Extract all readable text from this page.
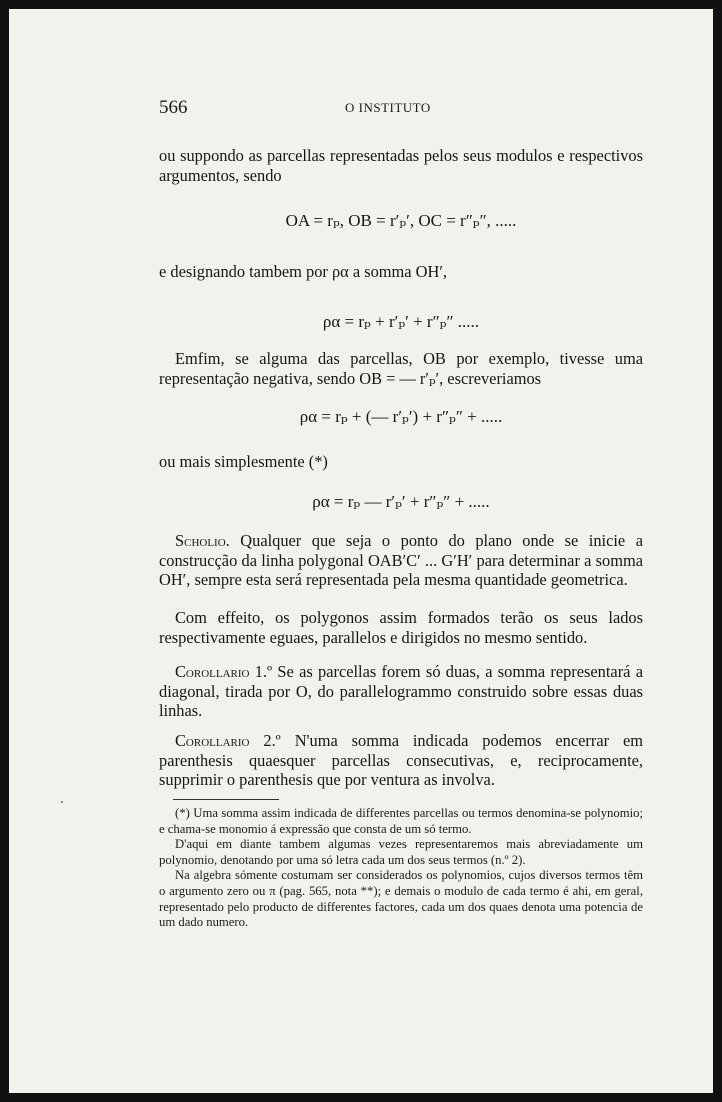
566	O INSTITUTO

ou suppondo as parcellas representadas pelos seus modulos e respectivos argumentos, sendo

OA = rₚ, OB = r′ₚ′, OC = r″ₚ″, .....

e designando tambem por ρα a somma OH′,

ρα = rₚ + r′ₚ′ + r″ₚ″ .....

Emfim, se alguma das parcellas, OB por exemplo, tivesse uma representação negativa, sendo OB = — r′ₚ′, escreveriamos

ρα = rₚ + (— r′ₚ′) + r″ₚ″ + .....

ou mais simplesmente (*)

ρα = rₚ — r′ₚ′ + r″ₚ″ + .....

Scholio. Qualquer que seja o ponto do plano onde se inicie a construcção da linha polygonal OAB′C′ ... G′H′ para determinar a somma OH′, sempre esta será representada pela mesma quantidade geometrica.

Com effeito, os polygonos assim formados terão os seus lados respectivamente eguaes, parallelos e dirigidos no mesmo sentido.

Corollario 1.º Se as parcellas forem só duas, a somma representará a diagonal, tirada por O, do parallelogrammo construido sobre essas duas linhas.

Corollario 2.º N'uma somma indicada podemos encerrar em parenthesis quaesquer parcellas consecutivas, e, reciprocamente, supprimir o parenthesis que por ventura as involva.

(*) Uma somma assim indicada de differentes parcellas ou termos denomina-se polynomio; e chama-se monomio á expressão que consta de um só termo.

D'aqui em diante tambem algumas vezes representaremos mais abreviadamente um polynomio, denotando por uma só letra cada um dos seus termos (n.º 2).

Na algebra sómente costumam ser considerados os polynomios, cujos diversos termos têm o argumento zero ou π (pag. 565, nota **); e demais o modulo de cada termo é ahi, em geral, representado pelo producto de differentes factores, cada um dos quaes denota uma potencia de um dado numero.
